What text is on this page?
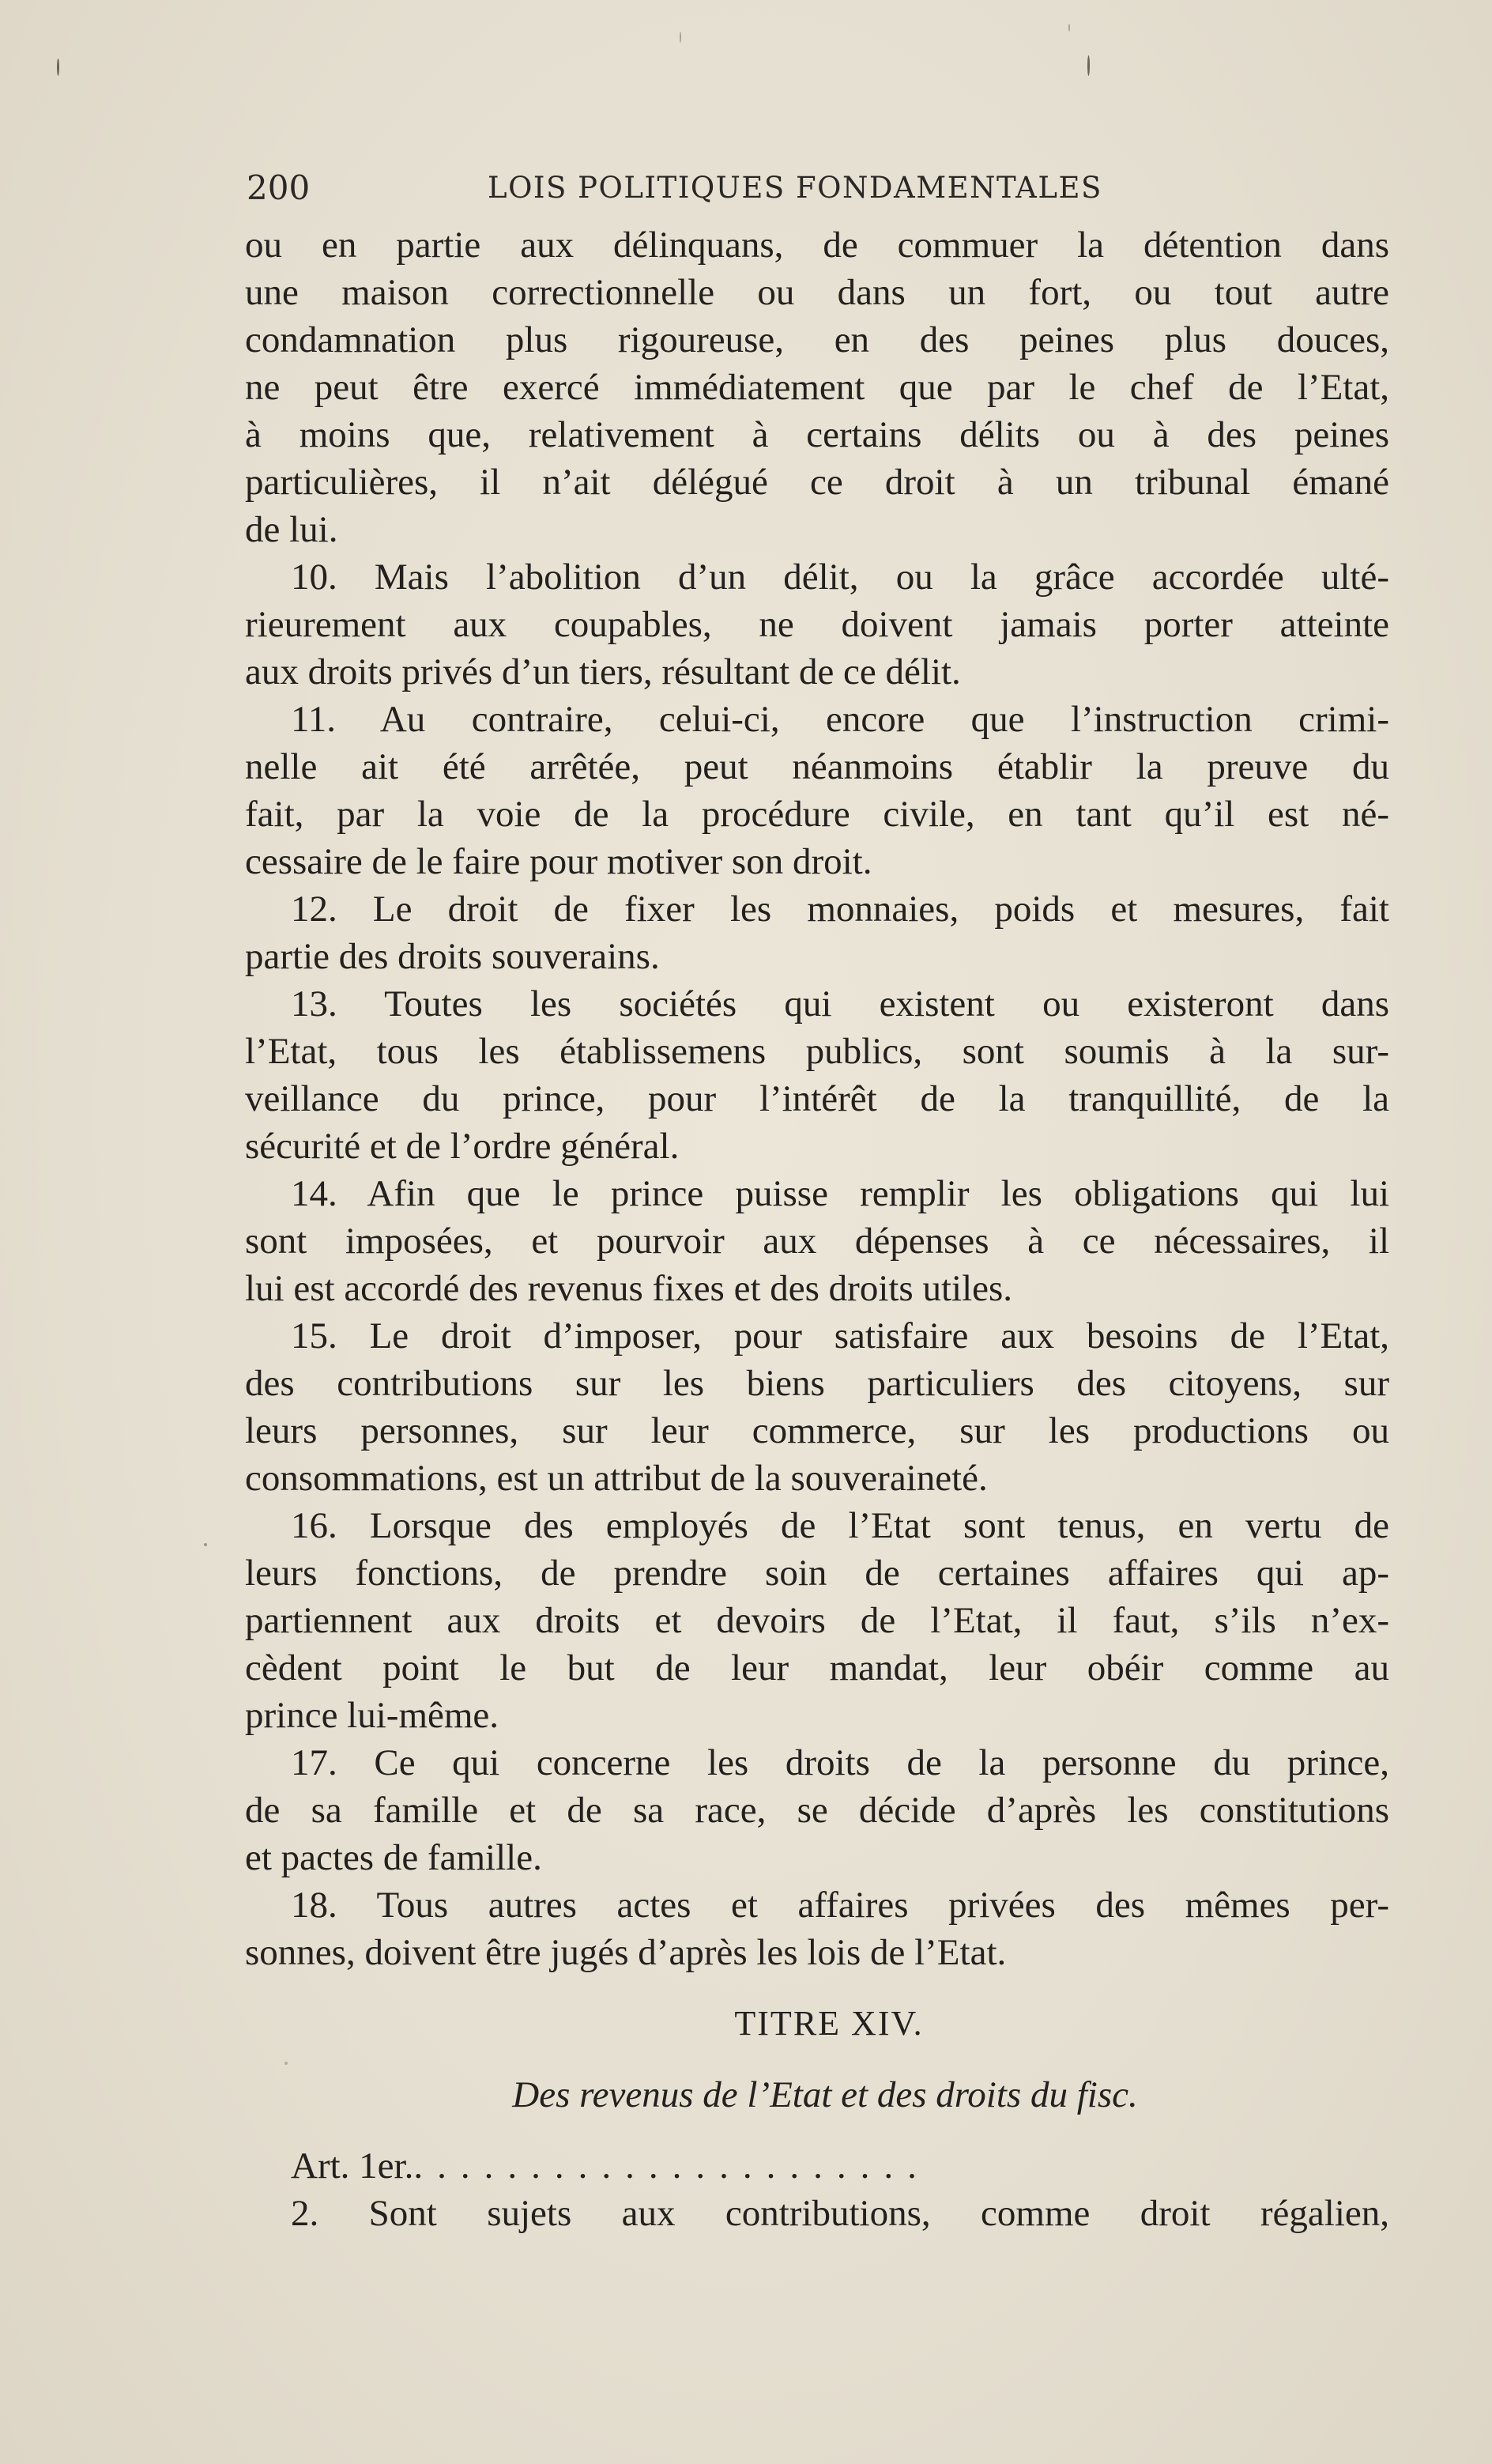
200	LOIS POLITIQUES FONDAMENTALES
ou en partie aux délinquans, de commuer la détention dans
une maison correctionnelle ou dans un fort, ou tout autre
condamnation plus rigoureuse, en des peines plus douces,
ne peut être exercé immédiatement que par le chef de l’Etat,
à moins que, relativement à certains délits ou à des peines
particulières, il n’ait délégué ce droit à un tribunal émané
de lui.
10. Mais l’abolition d’un délit, ou la grâce accordée ulté-
rieurement aux coupables, ne doivent jamais porter atteinte
aux droits privés d’un tiers, résultant de ce délit.
11. Au contraire, celui-ci, encore que l’instruction crimi-
nelle ait été arrêtée, peut néanmoins établir la preuve du
fait, par la voie de la procédure civile, en tant qu’il est né-
cessaire de le faire pour motiver son droit.
12. Le droit de fixer les monnaies, poids et mesures, fait
partie des droits souverains.
13. Toutes les sociétés qui existent ou existeront dans
l’Etat, tous les établissemens publics, sont soumis à la sur-
veillance du prince, pour l’intérêt de la tranquillité, de la
sécurité et de l’ordre général.
14. Afin que le prince puisse remplir les obligations qui lui
sont imposées, et pourvoir aux dépenses à ce nécessaires, il
lui est accordé des revenus fixes et des droits utiles.
15. Le droit d’imposer, pour satisfaire aux besoins de l’Etat,
des contributions sur les biens particuliers des citoyens, sur
leurs personnes, sur leur commerce, sur les productions ou
consommations, est un attribut de la souveraineté.
16. Lorsque des employés de l’Etat sont tenus, en vertu de
leurs fonctions, de prendre soin de certaines affaires qui ap-
partiennent aux droits et devoirs de l’Etat, il faut, s’ils n’ex-
cèdent point le but de leur mandat, leur obéir comme au
prince lui-même.
17. Ce qui concerne les droits de la personne du prince,
de sa famille et de sa race, se décide d’après les constitutions
et pactes de famille.
18. Tous autres actes et affaires privées des mêmes per-
sonnes, doivent être jugés d’après les lois de l’Etat.
TITRE XIV.
Des revenus de l’Etat et des droits du fisc.
Art. 1er.......................
2. Sont sujets aux contributions, comme droit régalien,
